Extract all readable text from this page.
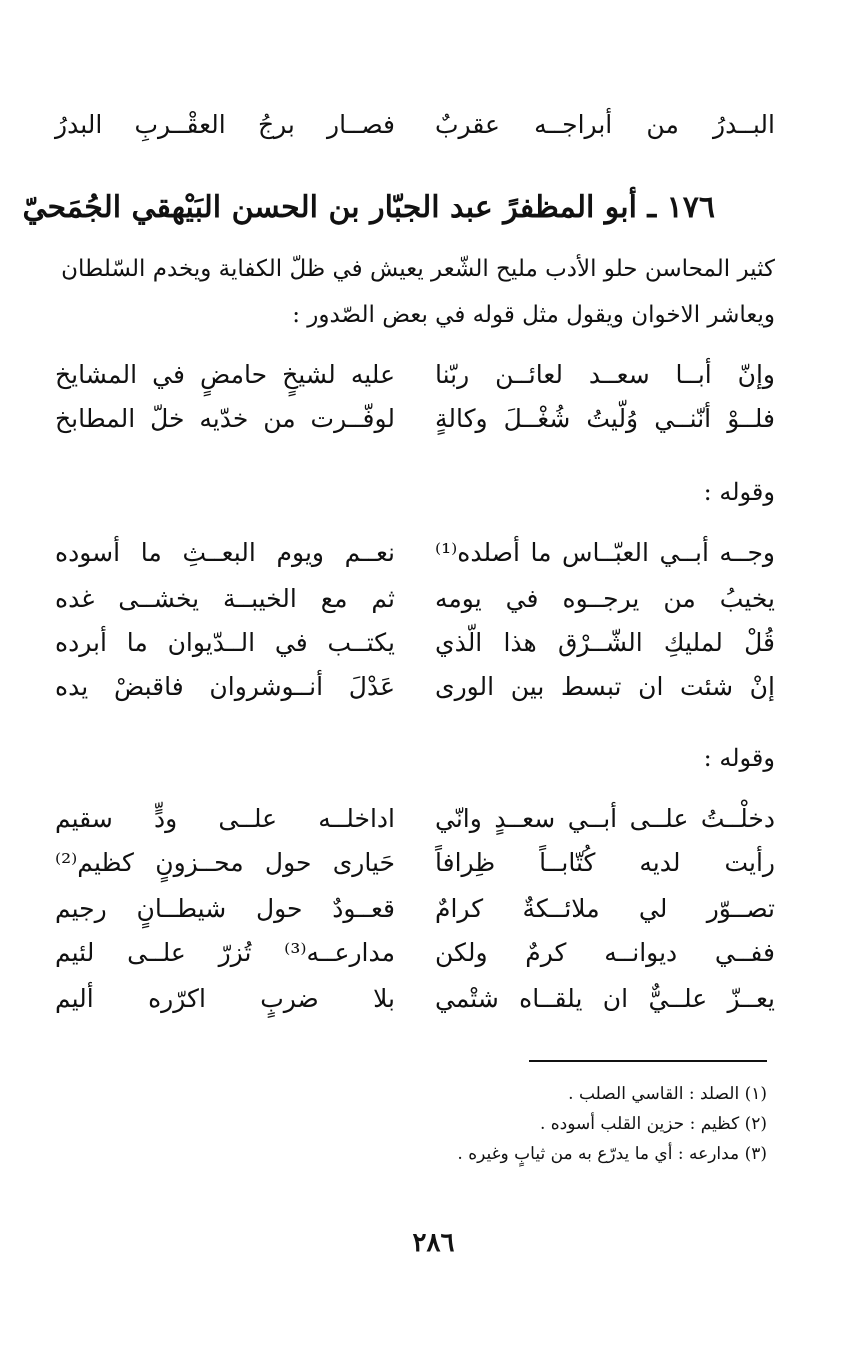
البــدرُ من أبراجــه عقربٌ
فصــار برجُ العقْــربِ البدرُ
١٧٦ ـ أبو المظفرً عبد الجبّار بن الحسن البَيْهقي الجُمَحيّ
كثير المحاسن حلو الأدب مليح الشّعر يعيش في ظلّ الكفاية ويخدم السّلطان
ويعاشر الاخوان ويقول مثل قوله في بعض الصّدور :
وإنّ أبــا سعــد لعائــن ربّنا
عليه لشيخٍ حامضٍ في المشايخ
فلــوْ أنّنــي وُلّيتُ شُغْــلَ وكالةٍ
لوفّــرت من خدّيه خلّ المطابخ
وقوله :
وجــه أبــي العبّــاس ما أصلده⁽¹⁾
نعــم ويوم البعــثِ ما أسوده
يخيبُ من يرجــوه في يومه
ثم مع الخيبــة يخشــى غده
قُلْ لمليكِ الشّــرْق هذا الّذي
يكتــب في الــدّيوان ما أبرده
إنْ شئت ان تبسط بين الورى
عَدْلَ أنــوشروان فاقبضْ يده
وقوله :
دخلْــتُ علــى أبــي سعــدٍ وانّي
اداخلــه علــى ودٍّ سقيم
رأيت لديه كُتّابــاً ظِرافاً
حَيارى حول محــزونٍ كظيم⁽²⁾
تصــوّر لي ملائــكةٌ كرامٌ
قعــودٌ حول شيطــانٍ رجيم
ففــي ديوانــه كرمٌ ولكن
مدارعــه⁽³⁾ تُزرّ علــى لئيم
يعــزّ علــيٌّ ان يلقــاه شتْمي
بلا ضربٍ اكرّره أليم
(١) الصلد : القاسي الصلب .
(٢) كظيم : حزين القلب أسوده .
(٣) مدارعه : أي ما يدرّع به من ثيابٍ وغيره .
٢٨٦
